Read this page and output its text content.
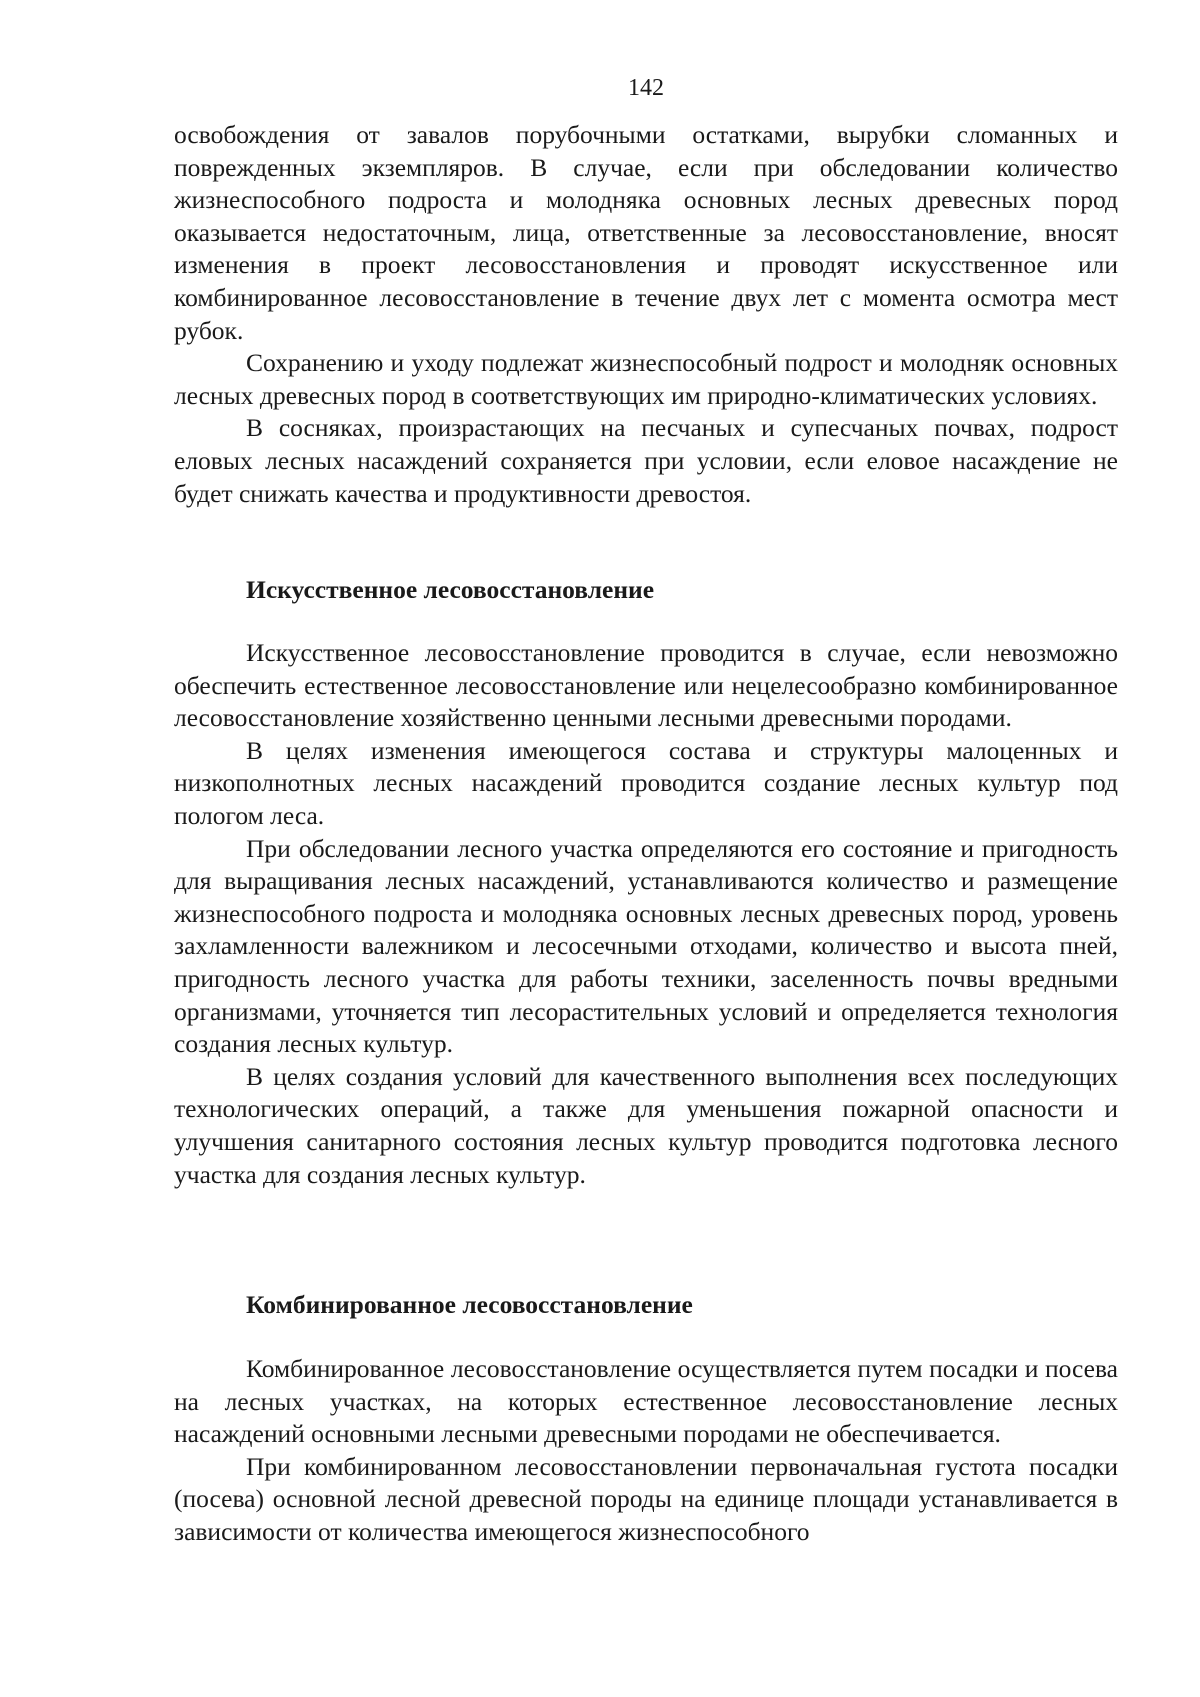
142

освобождения от завалов порубочными остатками, вырубки сломанных и поврежденных экземпляров. В случае, если при обследовании количество жизнеспособного подроста и молодняка основных лесных древесных пород оказывается недостаточным, лица, ответственные за лесовосстановление, вносят изменения в проект лесовосстановления и проводят искусственное или комбинированное лесовосстановление в течение двух лет с момента осмотра мест рубок.

Сохранению и уходу подлежат жизнеспособный подрост и молодняк основных лесных древесных пород в соответствующих им природно-климатических условиях.

В сосняках, произрастающих на песчаных и супесчаных почвах, подрост еловых лесных насаждений сохраняется при условии, если еловое насаждение не будет снижать качества и продуктивности древостоя.

Искусственное лесовосстановление

Искусственное лесовосстановление проводится в случае, если невозможно обеспечить естественное лесовосстановление или нецелесообразно комбинированное лесовосстановление хозяйственно ценными лесными древесными породами.

В целях изменения имеющегося состава и структуры малоценных и низкополнотных лесных насаждений проводится создание лесных культур под пологом леса.

При обследовании лесного участка определяются его состояние и пригодность для выращивания лесных насаждений, устанавливаются количество и размещение жизнеспособного подроста и молодняка основных лесных древесных пород, уровень захламленности валежником и лесосечными отходами, количество и высота пней, пригодность лесного участка для работы техники, заселенность почвы вредными организмами, уточняется тип лесорастительных условий и определяется технология создания лесных культур.

В целях создания условий для качественного выполнения всех последующих технологических операций, а также для уменьшения пожарной опасности и улучшения санитарного состояния лесных культур проводится подготовка лесного участка для создания лесных культур.

Комбинированное лесовосстановление

Комбинированное лесовосстановление осуществляется путем посадки и посева на лесных участках, на которых естественное лесовосстановление лесных насаждений основными лесными древесными породами не обеспечивается.

При комбинированном лесовосстановлении первоначальная густота посадки (посева) основной лесной древесной породы на единице площади устанавливается в зависимости от количества имеющегося жизнеспособного
